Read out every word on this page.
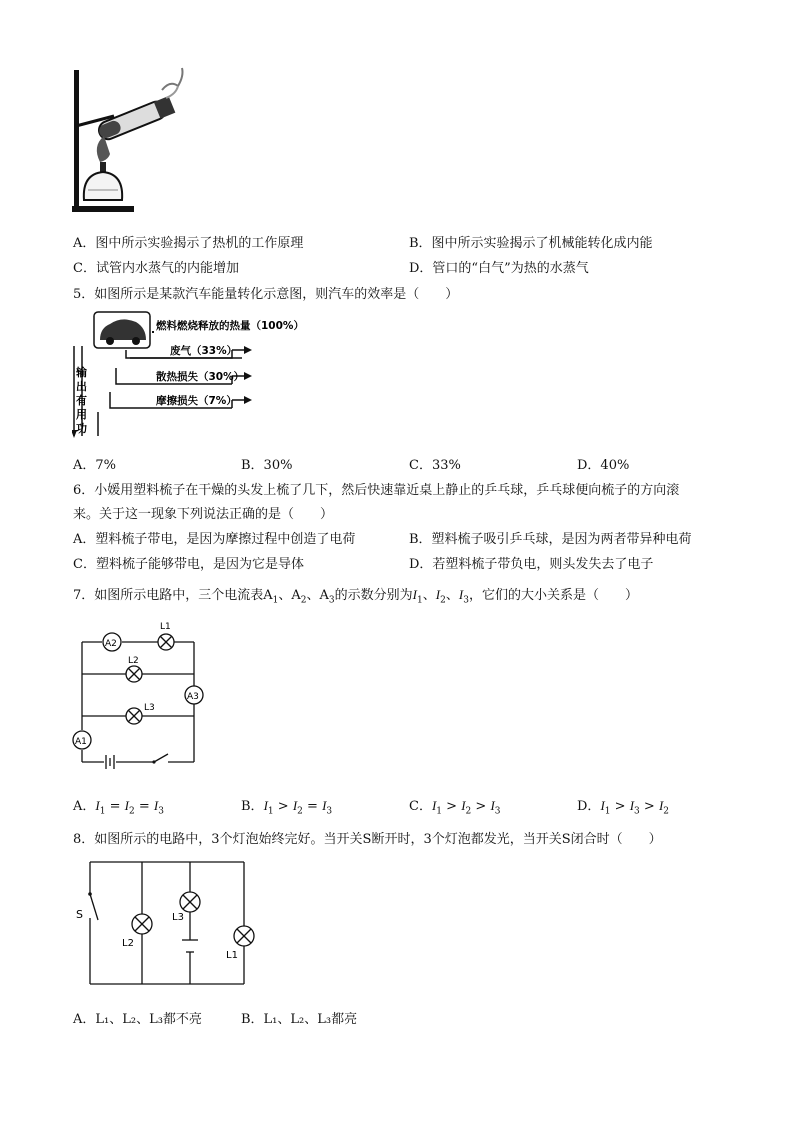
A．图中所示实验揭示了热机的工作原理	B．图中所示实验揭示了机械能转化成内能
C．试管内水蒸气的内能增加	D．管口的“白气”为热的水蒸气
5．如图所示是某款汽车能量转化示意图，则汽车的效率是（　　）
燃料燃烧释放的热量（100%）
废气（33%）
散热损失（30%）
摩擦损失（7%）
输
出
有
用
功
A．7%	B．30%	C．33%	D．40%
6．小媛用塑料梳子在干燥的头发上梳了几下，然后快速靠近桌上静止的乒乓球，乒乓球便向梳子的方向滚
来。关于这一现象下列说法正确的是（　　）
A．塑料梳子带电，是因为摩擦过程中创造了电荷	B．塑料梳子吸引乒乓球，是因为两者带异种电荷
C．塑料梳子能够带电，是因为它是导体	D．若塑料梳子带负电，则头发失去了电子
7．如图所示电路中，三个电流表$A_1$、$A_2$、$A_3$的示数分别为$I_1$、$I_2$、$I_3$，它们的大小关系是（　　）
A2
A3
A1
L1
L2
L3
A．$I_1 = I_2 = I_3$	B．$I_1 > I_2 = I_3$	C．$I_1 > I_2 > I_3$	D．$I_1 > I_3 > I_2$
8．如图所示的电路中，3个灯泡始终完好。当开关S断开时，3个灯泡都发光，当开关S闭合时（　　）
S
L2
L3
L1
A．L₁、L₂、L₃都不亮	B．L₁、L₂、L₃都亮
